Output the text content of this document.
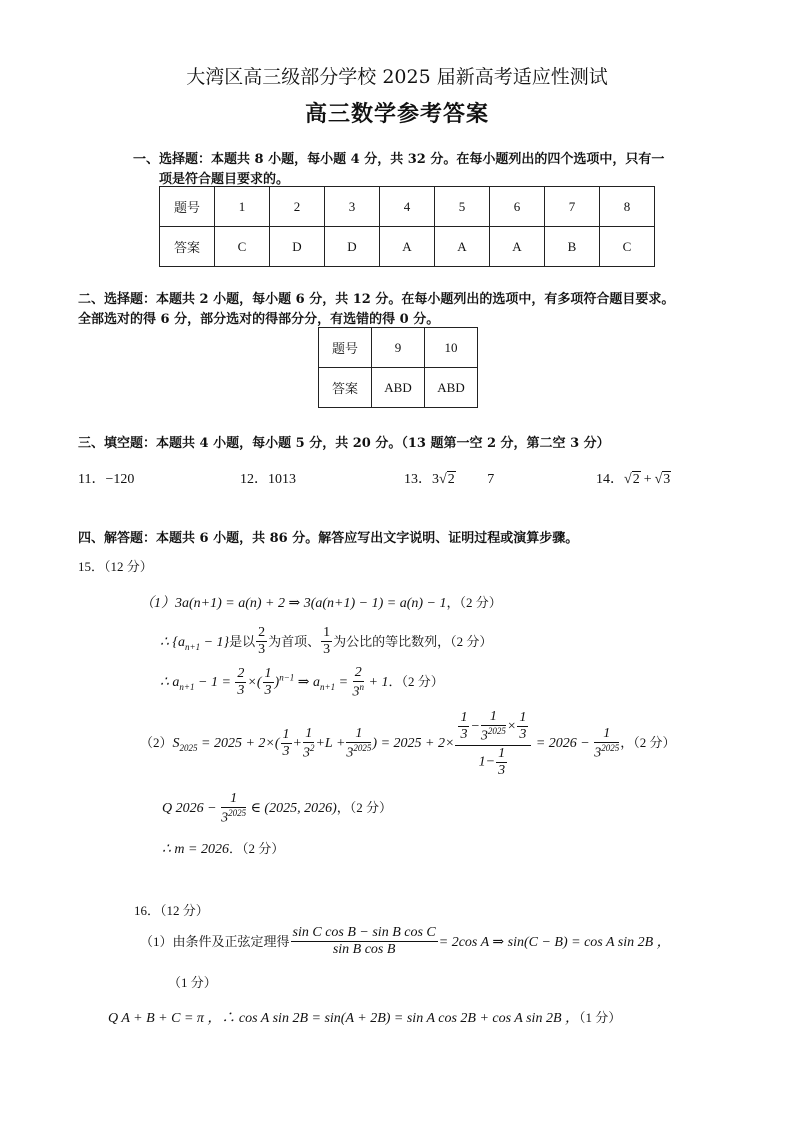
大湾区高三级部分学校 2025 届新高考适应性测试
高三数学参考答案
一、选择题：本题共 8 小题，每小题 4 分，共 32 分。在每小题列出的四个选项中，只有一
项是符合题目要求的。
题号	1	2	3	4	5	6	7	8
答案	C	D	D	A	A	A	B	C
二、选择题：本题共 2 小题，每小题 6 分，共 12 分。在每小题列出的选项中，有多项符合题目要求。
全部选对的得 6 分，部分选对的得部分分，有选错的得 0 分。
题号	9	10
答案	ABD	ABD
三、填空题：本题共 4 小题，每小题 5 分，共 20 分。（13 题第一空 2 分，第二空 3 分）
11．−120	12．1013	13．3√2 7	14．√2 + √3
四、解答题：本题共 6 小题，共 86 分。解答应写出文字说明、证明过程或演算步骤。
15．（12 分）
（1）3a(n+1) = a(n) + 2 ⇒ 3(a(n+1) − 1) = a(n) − 1，（2 分）
∴ $\{a_{n+1} - 1\}$是以 $\frac{2}{3}$ 为首项、 $\frac{1}{3}$ 为公比的等比数列，（2 分）
∴ $a_{n+1} - 1 = \frac{2}{3}$ ×( $\frac{1}{3} )^{n-1}$ ⇒ $a_{n+1} = \frac{2}{3^n} + 1$．（2 分）
$(2)S_{2025} = 2025 + 2\times( \frac{1}{3} + \frac{1}{3^2} +L + \frac{1}{3^{2025}}$ ) = $2025 + 2\times \frac{\frac{1}{3} - \frac{1}{3^{2025}} \times \frac{1}{3}}{1- \frac{1}{3}} = 2026 - \frac{1}{3^{2025}}$ ，（2 分）
Q $2026 - \frac{1}{3^{2025}}$ ∈ (2025, 2026)，（2 分）
∴ m = 2026．（2 分）
16．（12 分）
（1）由条件及正弦定理得 $\frac{\text{sin C cos B − sin B cos C}}{\text{sin B cos B}} = 2\cos$ A ⇒ sin(C − B) = cos A sin 2B ，
（1 分）
Q A + B + C = π ，∴ cos A sin 2B = sin(A + 2B) = sin A cos 2B + cos A sin 2B ，（1 分）
